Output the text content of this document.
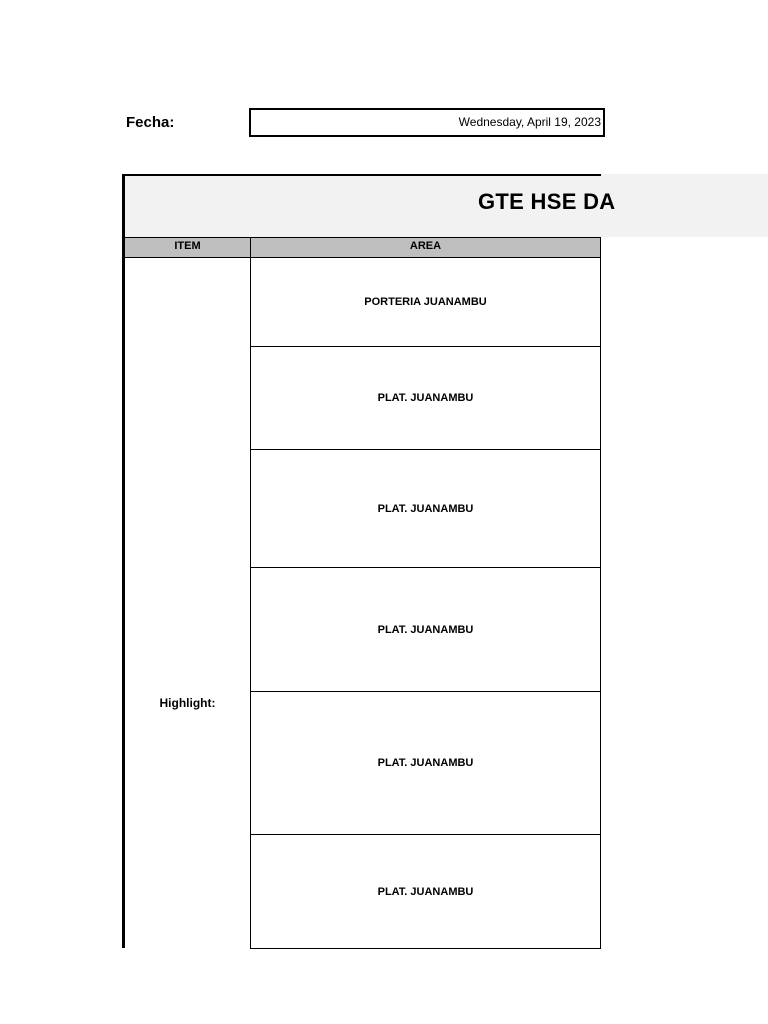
Fecha:	Wednesday, April 19, 2023
GTE HSE DA
ITEM	AREA
PORTERIA JUANAMBU
PLAT. JUANAMBU
PLAT. JUANAMBU
PLAT. JUANAMBU
PLAT. JUANAMBU
PLAT. JUANAMBU
Highlight:
